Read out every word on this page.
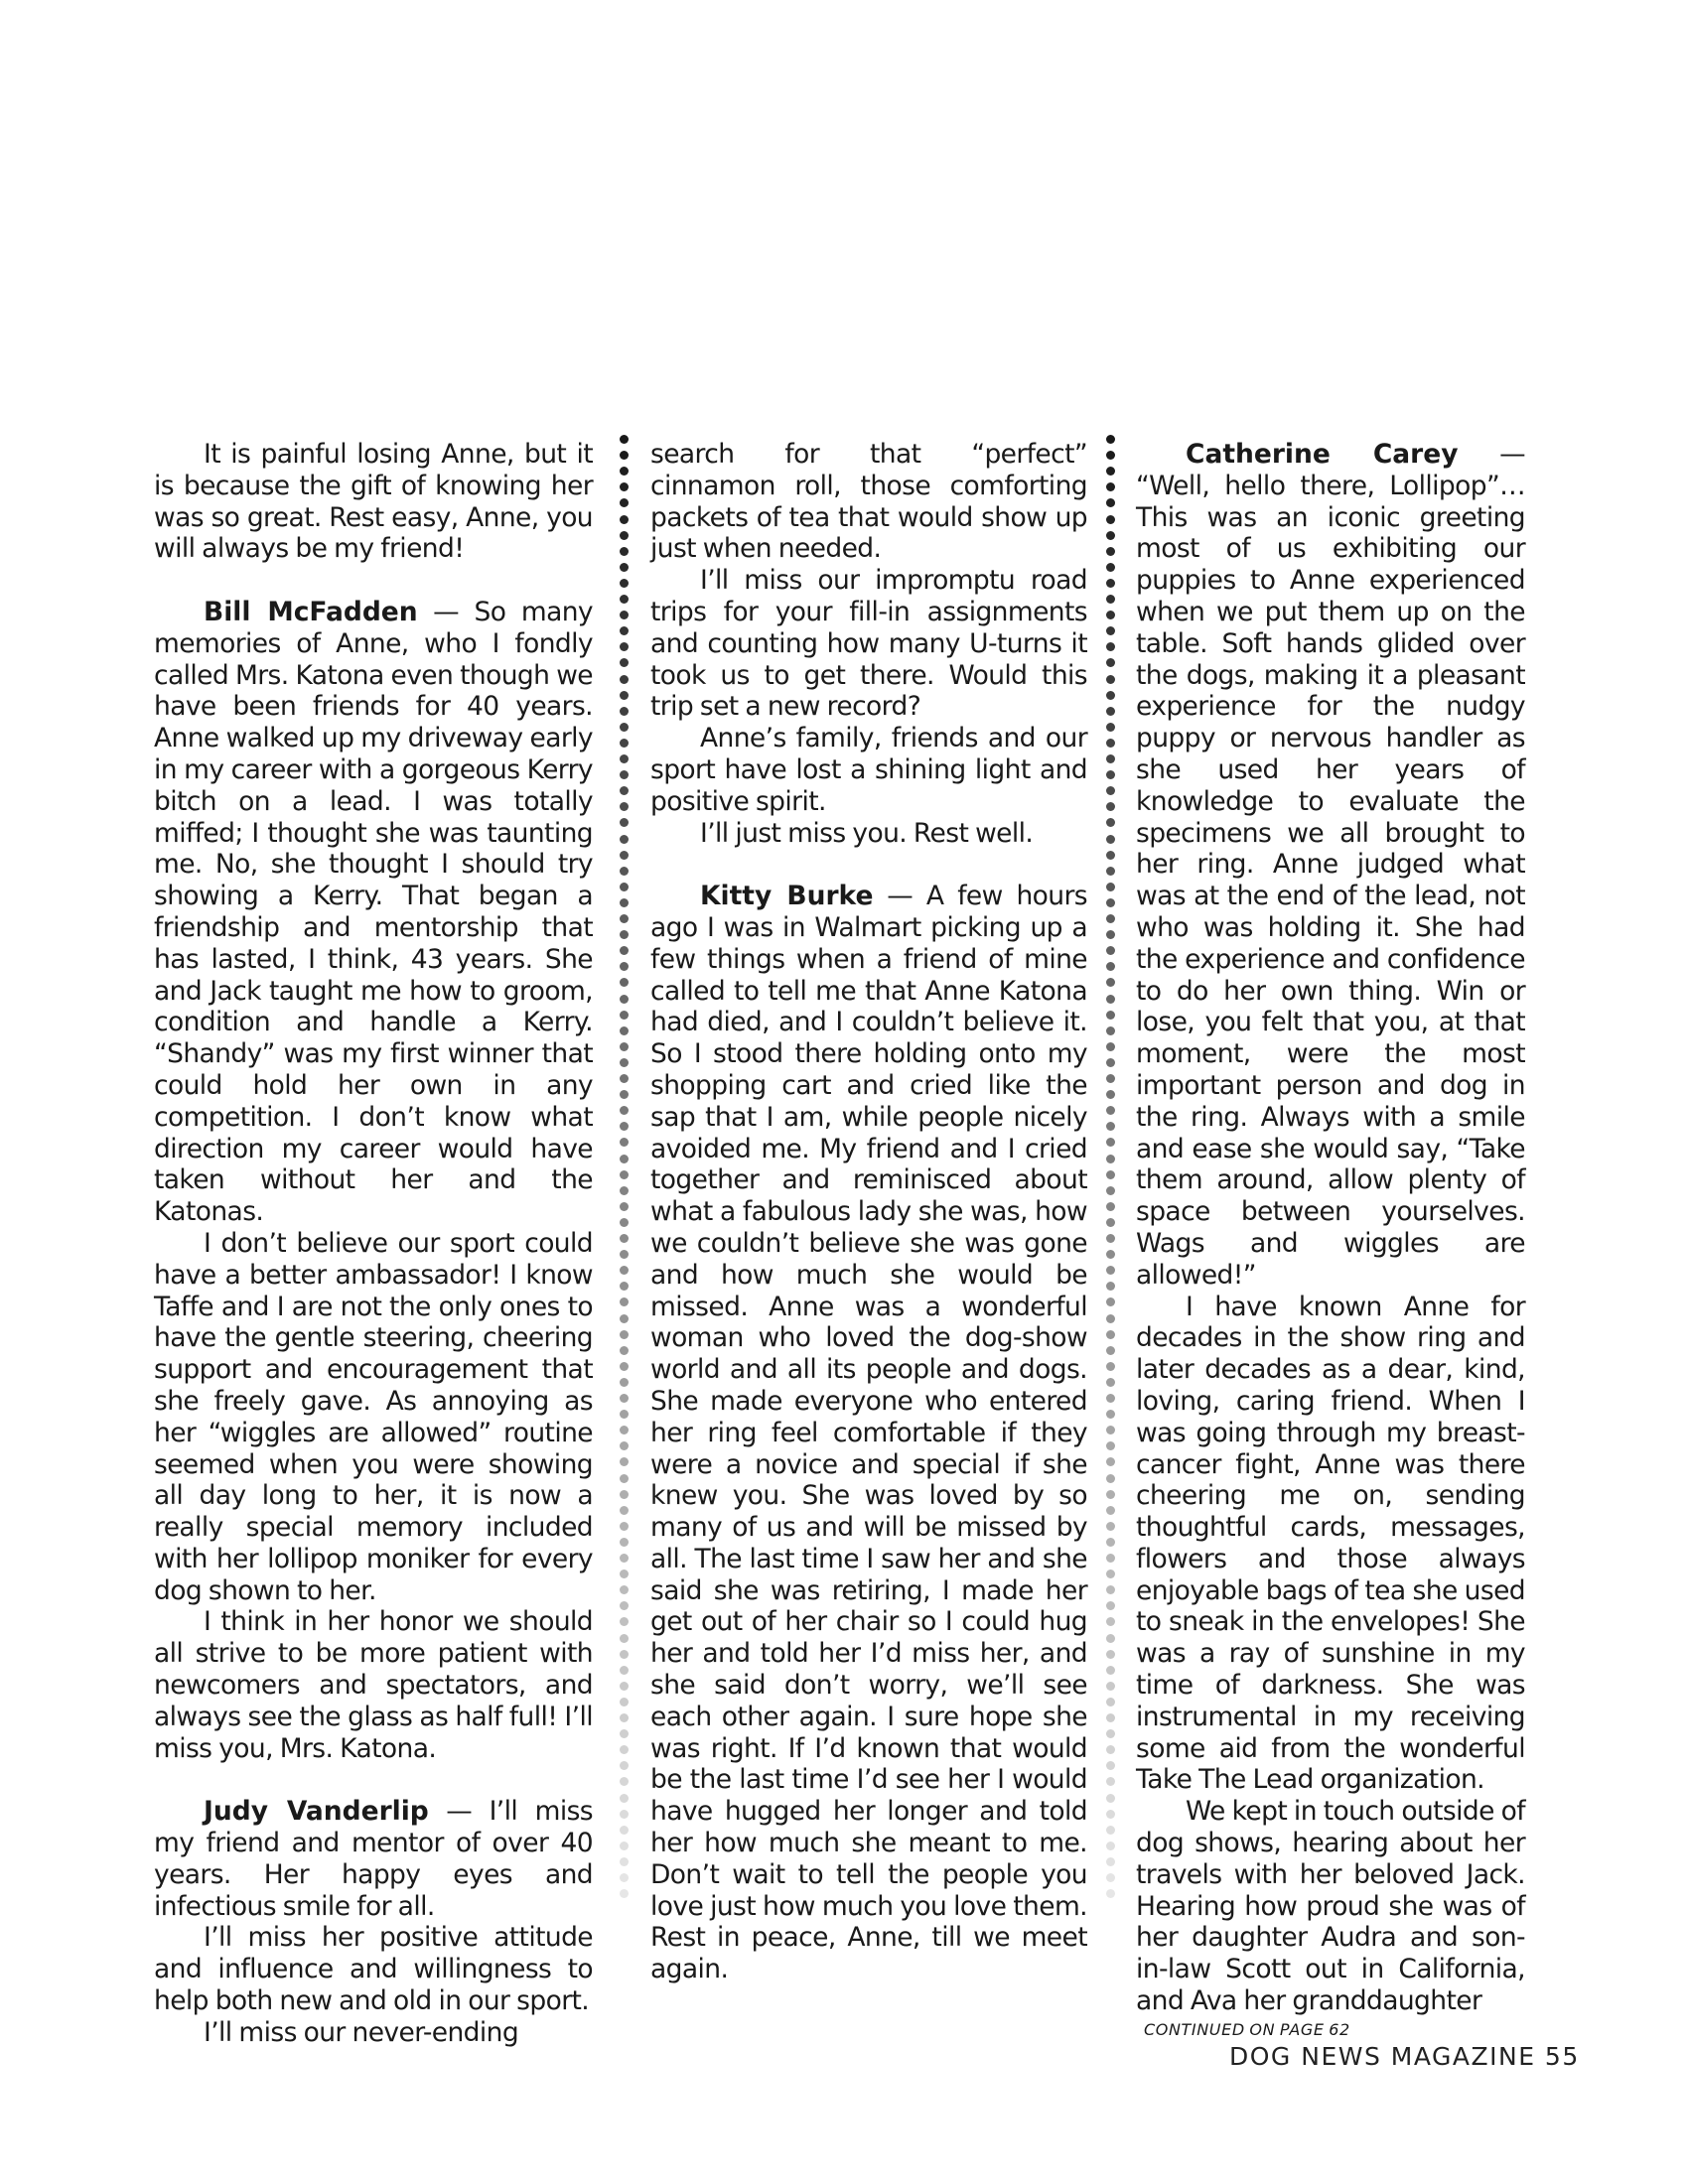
It is painful losing Anne, but it is because the gift of knowing her was so great. Rest easy, Anne, you will always be my friend!

Bill McFadden — So many memories of Anne, who I fondly called Mrs. Katona even though we have been friends for 40 years. Anne walked up my driveway early in my career with a gorgeous Kerry bitch on a lead. I was totally miffed; I thought she was taunting me. No, she thought I should try showing a Kerry. That began a friendship and mentorship that has lasted, I think, 43 years. She and Jack taught me how to groom, condition and handle a Kerry. “Shandy” was my first winner that could hold her own in any competition. I don’t know what direction my career would have taken without her and the Katonas.

I don’t believe our sport could have a better ambassador! I know Taffe and I are not the only ones to have the gentle steering, cheering support and encouragement that she freely gave. As annoying as her “wiggles are allowed” routine seemed when you were showing all day long to her, it is now a really special memory included with her lollipop moniker for every dog shown to her.

I think in her honor we should all strive to be more patient with newcomers and spectators, and always see the glass as half full! I’ll miss you, Mrs. Katona.

Judy Vanderlip — I’ll miss my friend and mentor of over 40 years. Her happy eyes and infectious smile for all.

I’ll miss her positive attitude and influence and willingness to help both new and old in our sport.

I’ll miss our never-ending

search for that “perfect” cinnamon roll, those comforting packets of tea that would show up just when needed.

I’ll miss our impromptu road trips for your fill-in assignments and counting how many U-turns it took us to get there. Would this trip set a new record?

Anne’s family, friends and our sport have lost a shining light and positive spirit.

I’ll just miss you. Rest well.

Kitty Burke — A few hours ago I was in Walmart picking up a few things when a friend of mine called to tell me that Anne Katona had died, and I couldn’t believe it. So I stood there holding onto my shopping cart and cried like the sap that I am, while people nicely avoided me. My friend and I cried together and reminisced about what a fabulous lady she was, how we couldn’t believe she was gone and how much she would be missed. Anne was a wonderful woman who loved the dog-show world and all its people and dogs. She made everyone who entered her ring feel comfortable if they were a novice and special if she knew you. She was loved by so many of us and will be missed by all. The last time I saw her and she said she was retiring, I made her get out of her chair so I could hug her and told her I’d miss her, and she said don’t worry, we’ll see each other again. I sure hope she was right. If I’d known that would be the last time I’d see her I would have hugged her longer and told her how much she meant to me. Don’t wait to tell the people you love just how much you love them. Rest in peace, Anne, till we meet again.

Catherine Carey — “Well, hello there, Lollipop”… This was an iconic greeting most of us exhibiting our puppies to Anne experienced when we put them up on the table. Soft hands glided over the dogs, making it a pleasant experience for the nudgy puppy or nervous handler as she used her years of knowledge to evaluate the specimens we all brought to her ring. Anne judged what was at the end of the lead, not who was holding it. She had the experience and confidence to do her own thing. Win or lose, you felt that you, at that moment, were the most important person and dog in the ring. Always with a smile and ease she would say, “Take them around, allow plenty of space between yourselves. Wags and wiggles are allowed!”

I have known Anne for decades in the show ring and later decades as a dear, kind, loving, caring friend. When I was going through my breast-cancer fight, Anne was there cheering me on, sending thoughtful cards, messages, flowers and those always enjoyable bags of tea she used to sneak in the envelopes! She was a ray of sunshine in my time of darkness. She was instrumental in my receiving some aid from the wonderful Take The Lead organization.

We kept in touch outside of dog shows, hearing about her travels with her beloved Jack. Hearing how proud she was of her daughter Audra and son-in-law Scott out in California, and Ava her granddaughter

CONTINUED ON PAGE 62
DOG NEWS MAGAZINE 55
